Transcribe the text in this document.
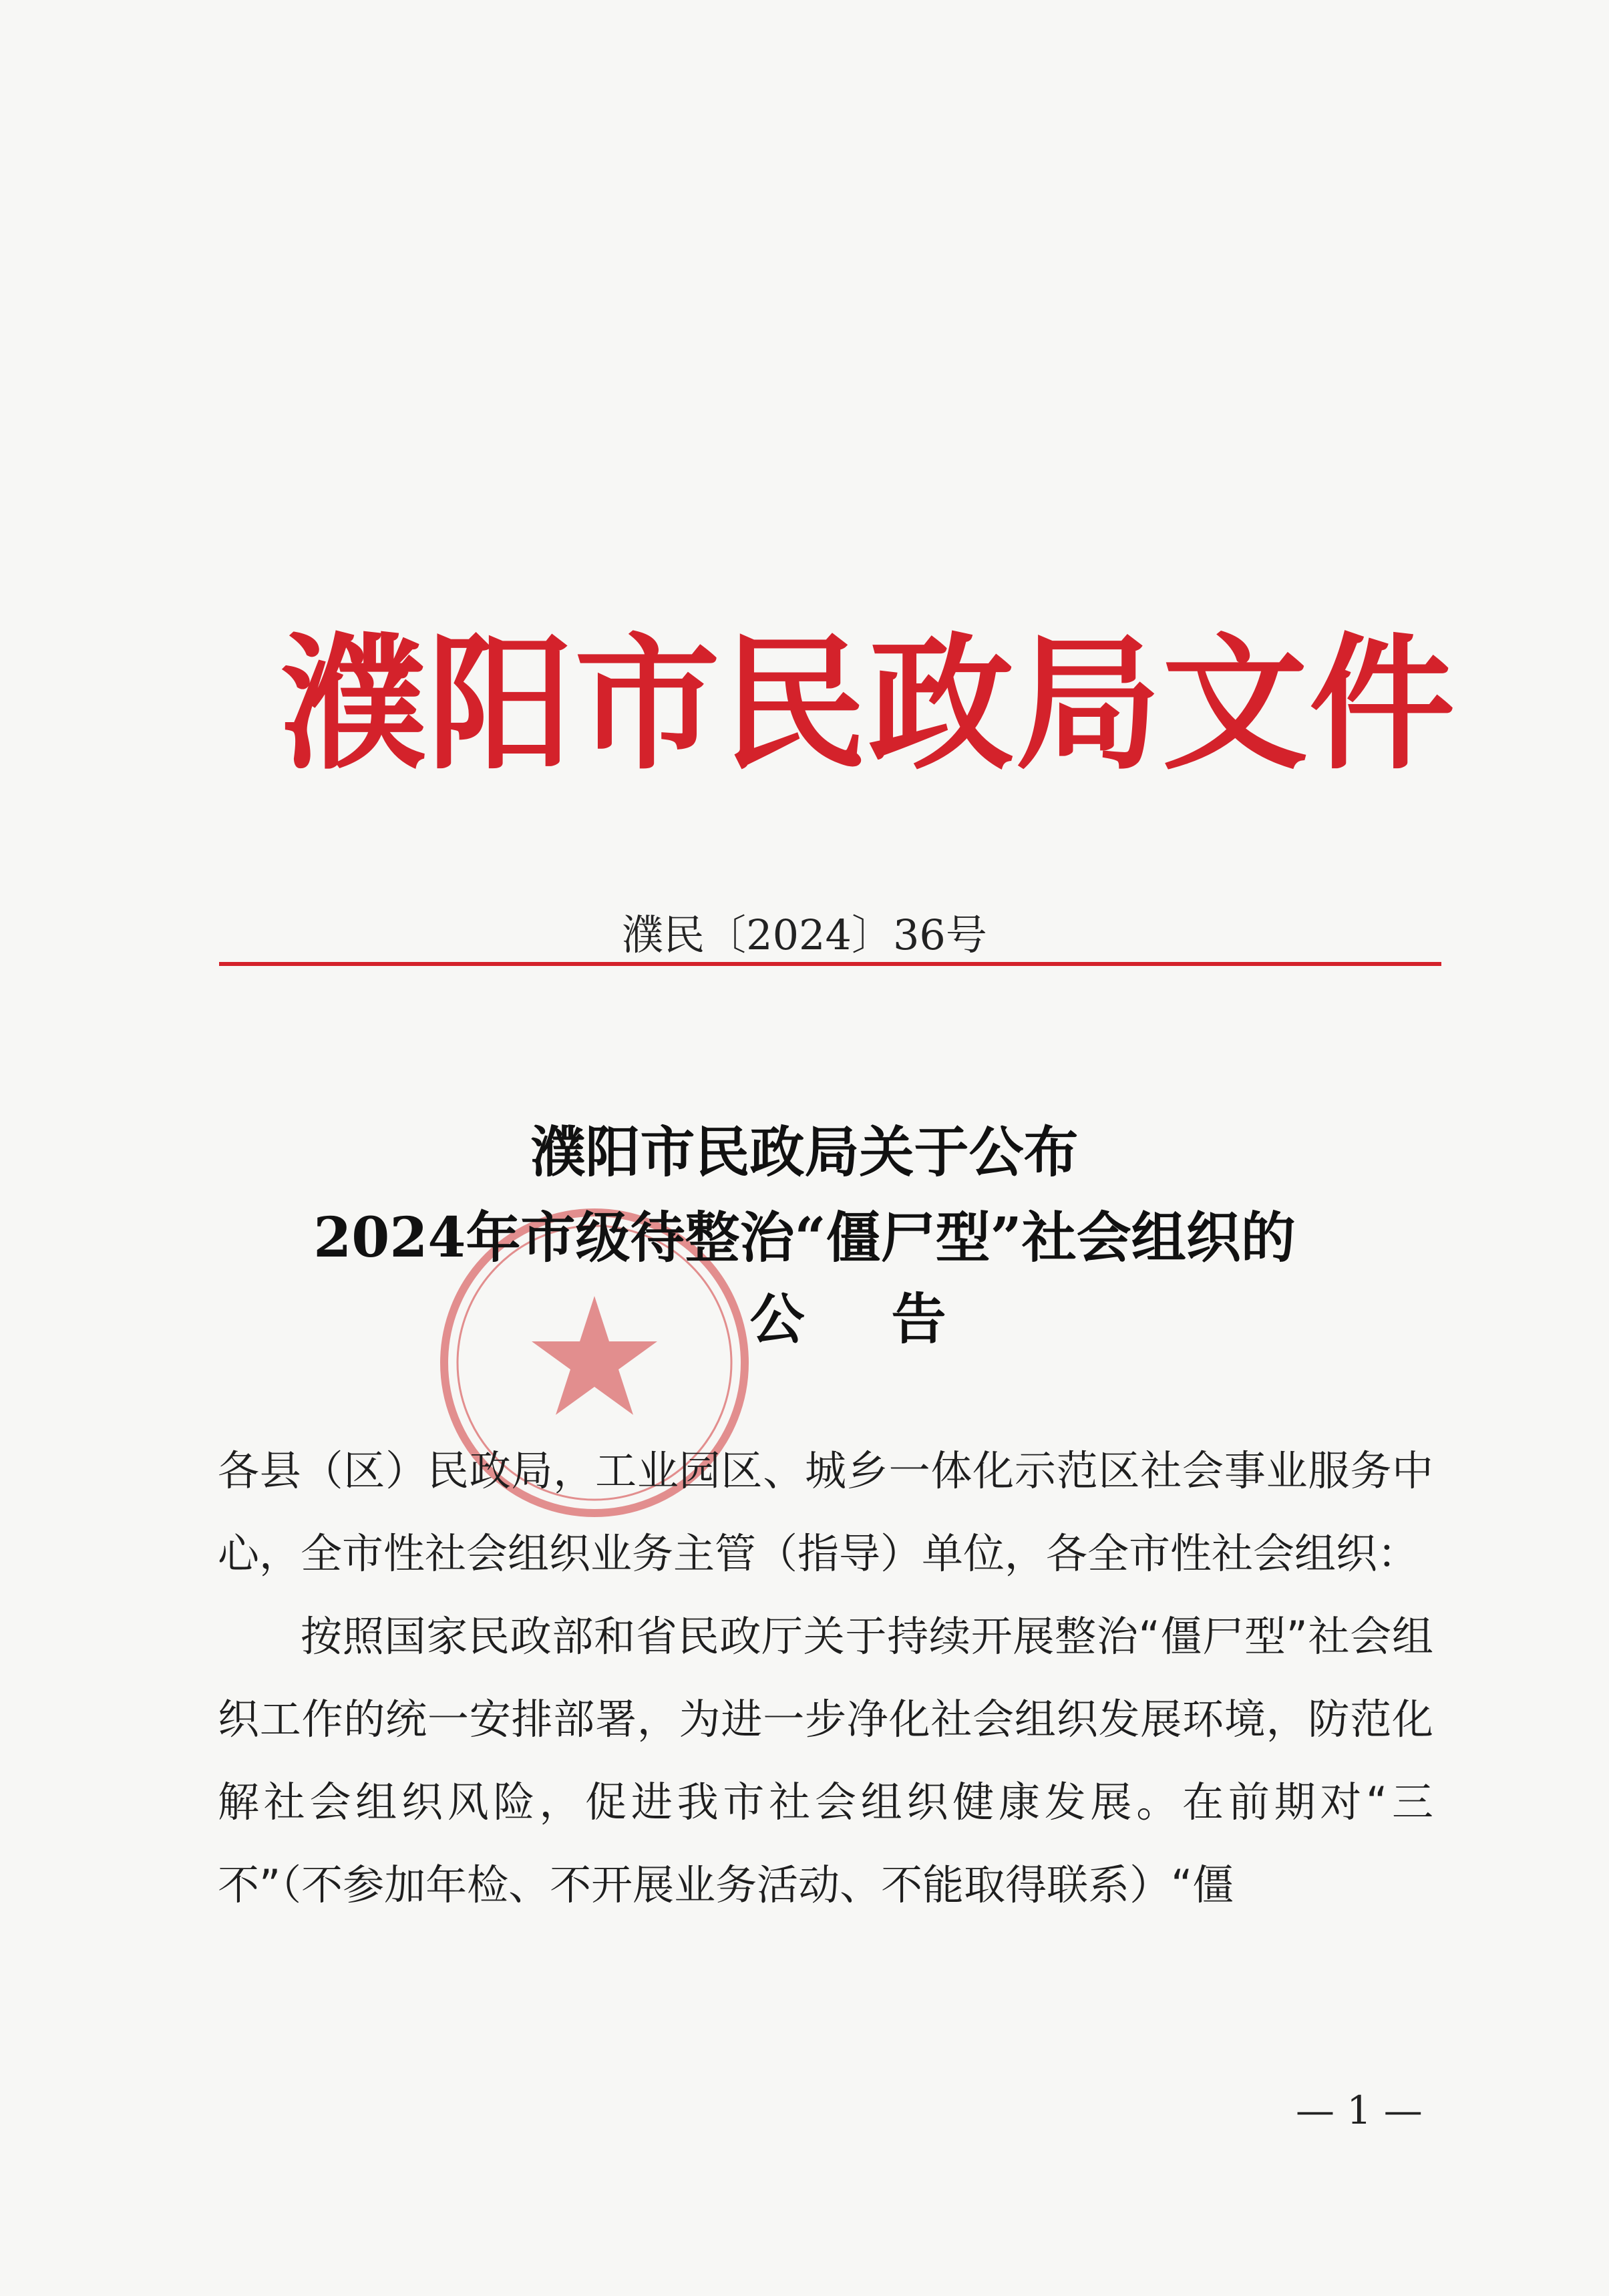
濮阳市民政局文件
濮民〔2024〕36号
濮阳市民政局关于公布
2024年市级待整治“僵尸型”社会组织的
公告

各县（区）民政局，工业园区、城乡一体化示范区社会事业服务中心，全市性社会组织业务主管（指导）单位，各全市性社会组织：

按照国家民政部和省民政厅关于持续开展整治“僵尸型”社会组织工作的统一安排部署，为进一步净化社会组织发展环境，防范化解社会组织风险，促进我市社会组织健康发展。在前期对“三不”（不参加年检、不开展业务活动、不能取得联系）“僵

— 1 —
